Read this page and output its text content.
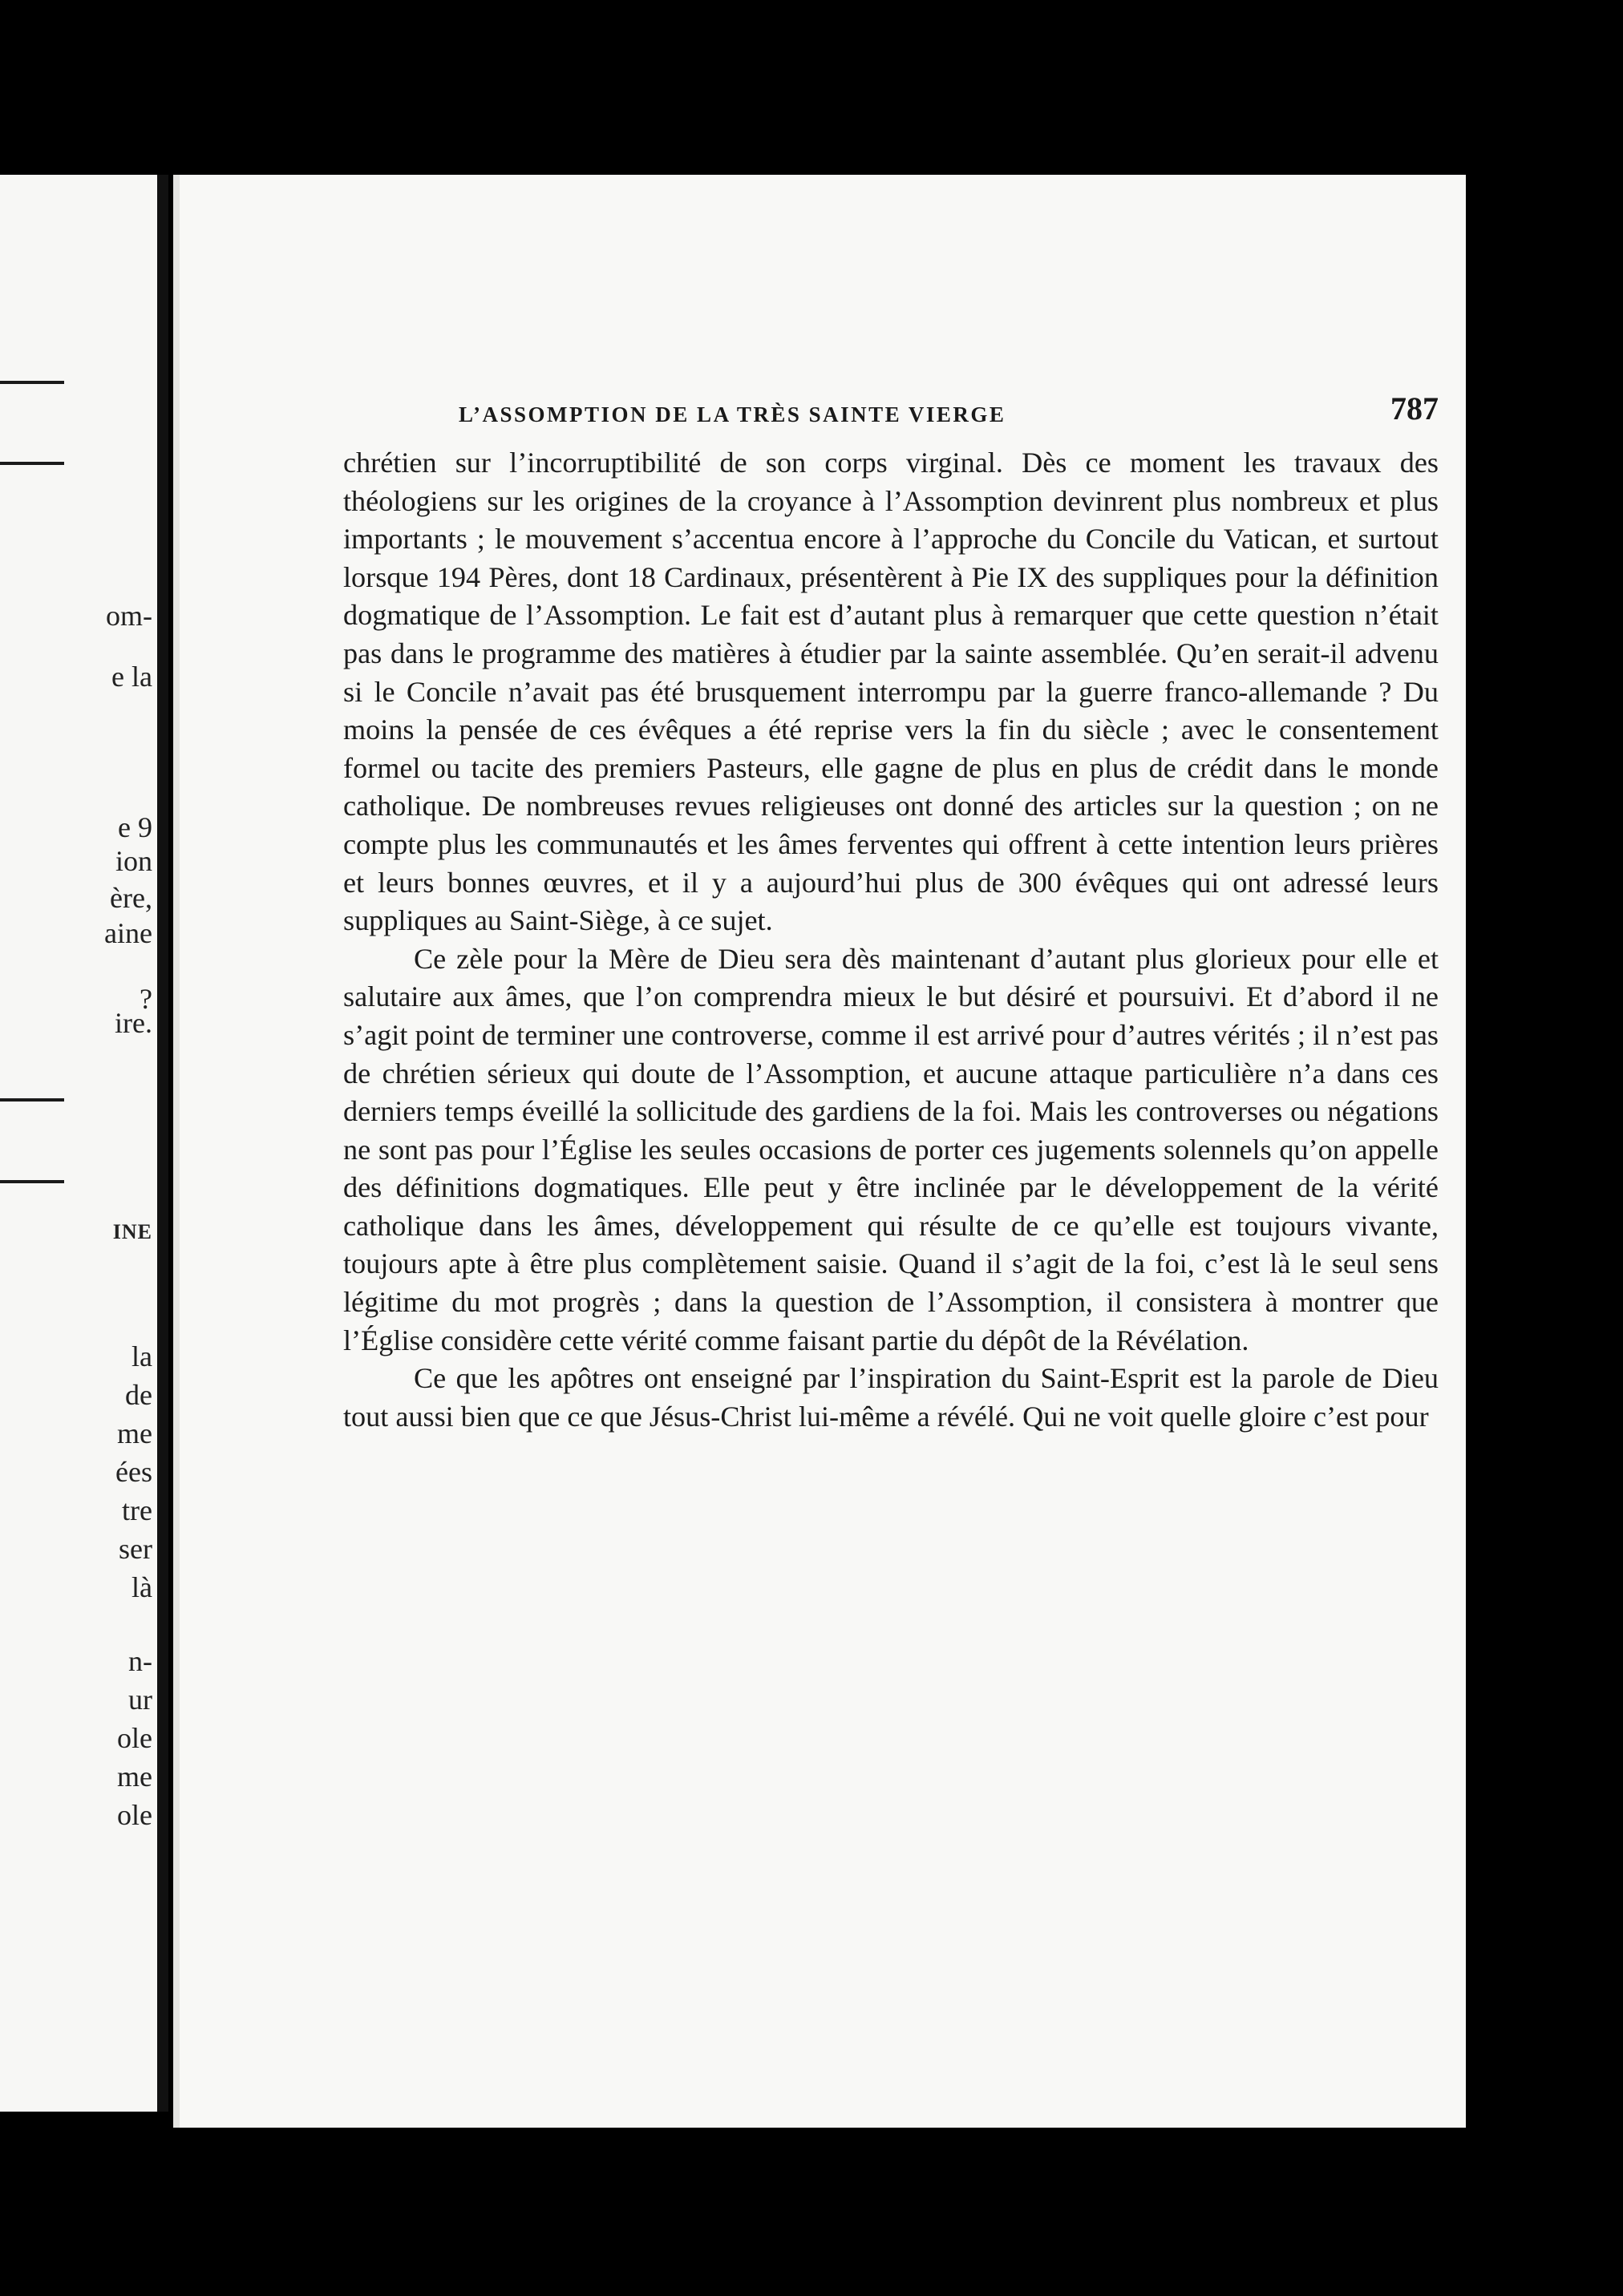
om-
e la
e 9
ion
ère,
aine
?
ire.
INE
la
de
me
ées
tre
ser
là
n-
ur
ole
me
ole
L’ASSOMPTION DE LA TRÈS SAINTE VIERGE	787

chrétien sur l’incorruptibilité de son corps virginal. Dès ce moment les travaux des théologiens sur les origines de la croyance à l’Assomption devinrent plus nombreux et plus importants ; le mouvement s’accentua encore à l’approche du Concile du Vatican, et surtout lorsque 194 Pères, dont 18 Cardinaux, présentèrent à Pie IX des suppliques pour la définition dogmatique de l’Assomption. Le fait est d’autant plus à remarquer que cette question n’était pas dans le programme des matières à étudier par la sainte assemblée. Qu’en serait-il advenu si le Concile n’avait pas été brusquement interrompu par la guerre franco-allemande ? Du moins la pensée de ces évêques a été reprise vers la fin du siècle ; avec le consentement formel ou tacite des premiers Pasteurs, elle gagne de plus en plus de crédit dans le monde catholique. De nombreuses revues religieuses ont donné des articles sur la question ; on ne compte plus les communautés et les âmes ferventes qui offrent à cette intention leurs prières et leurs bonnes œuvres, et il y a aujourd’hui plus de 300 évêques qui ont adressé leurs suppliques au Saint-Siège, à ce sujet.

Ce zèle pour la Mère de Dieu sera dès maintenant d’autant plus glorieux pour elle et salutaire aux âmes, que l’on comprendra mieux le but désiré et poursuivi. Et d’abord il ne s’agit point de terminer une controverse, comme il est arrivé pour d’autres vérités ; il n’est pas de chrétien sérieux qui doute de l’Assomption, et aucune attaque particulière n’a dans ces derniers temps éveillé la sollicitude des gardiens de la foi. Mais les controverses ou négations ne sont pas pour l’Église les seules occasions de porter ces jugements solennels qu’on appelle des définitions dogmatiques. Elle peut y être inclinée par le développement de la vérité catholique dans les âmes, développement qui résulte de ce qu’elle est toujours vivante, toujours apte à être plus complètement saisie. Quand il s’agit de la foi, c’est là le seul sens légitime du mot progrès ; dans la question de l’Assomption, il consistera à montrer que l’Église considère cette vérité comme faisant partie du dépôt de la Révélation.

Ce que les apôtres ont enseigné par l’inspiration du Saint-Esprit est la parole de Dieu tout aussi bien que ce que Jésus-Christ lui-même a révélé. Qui ne voit quelle gloire c’est pour
